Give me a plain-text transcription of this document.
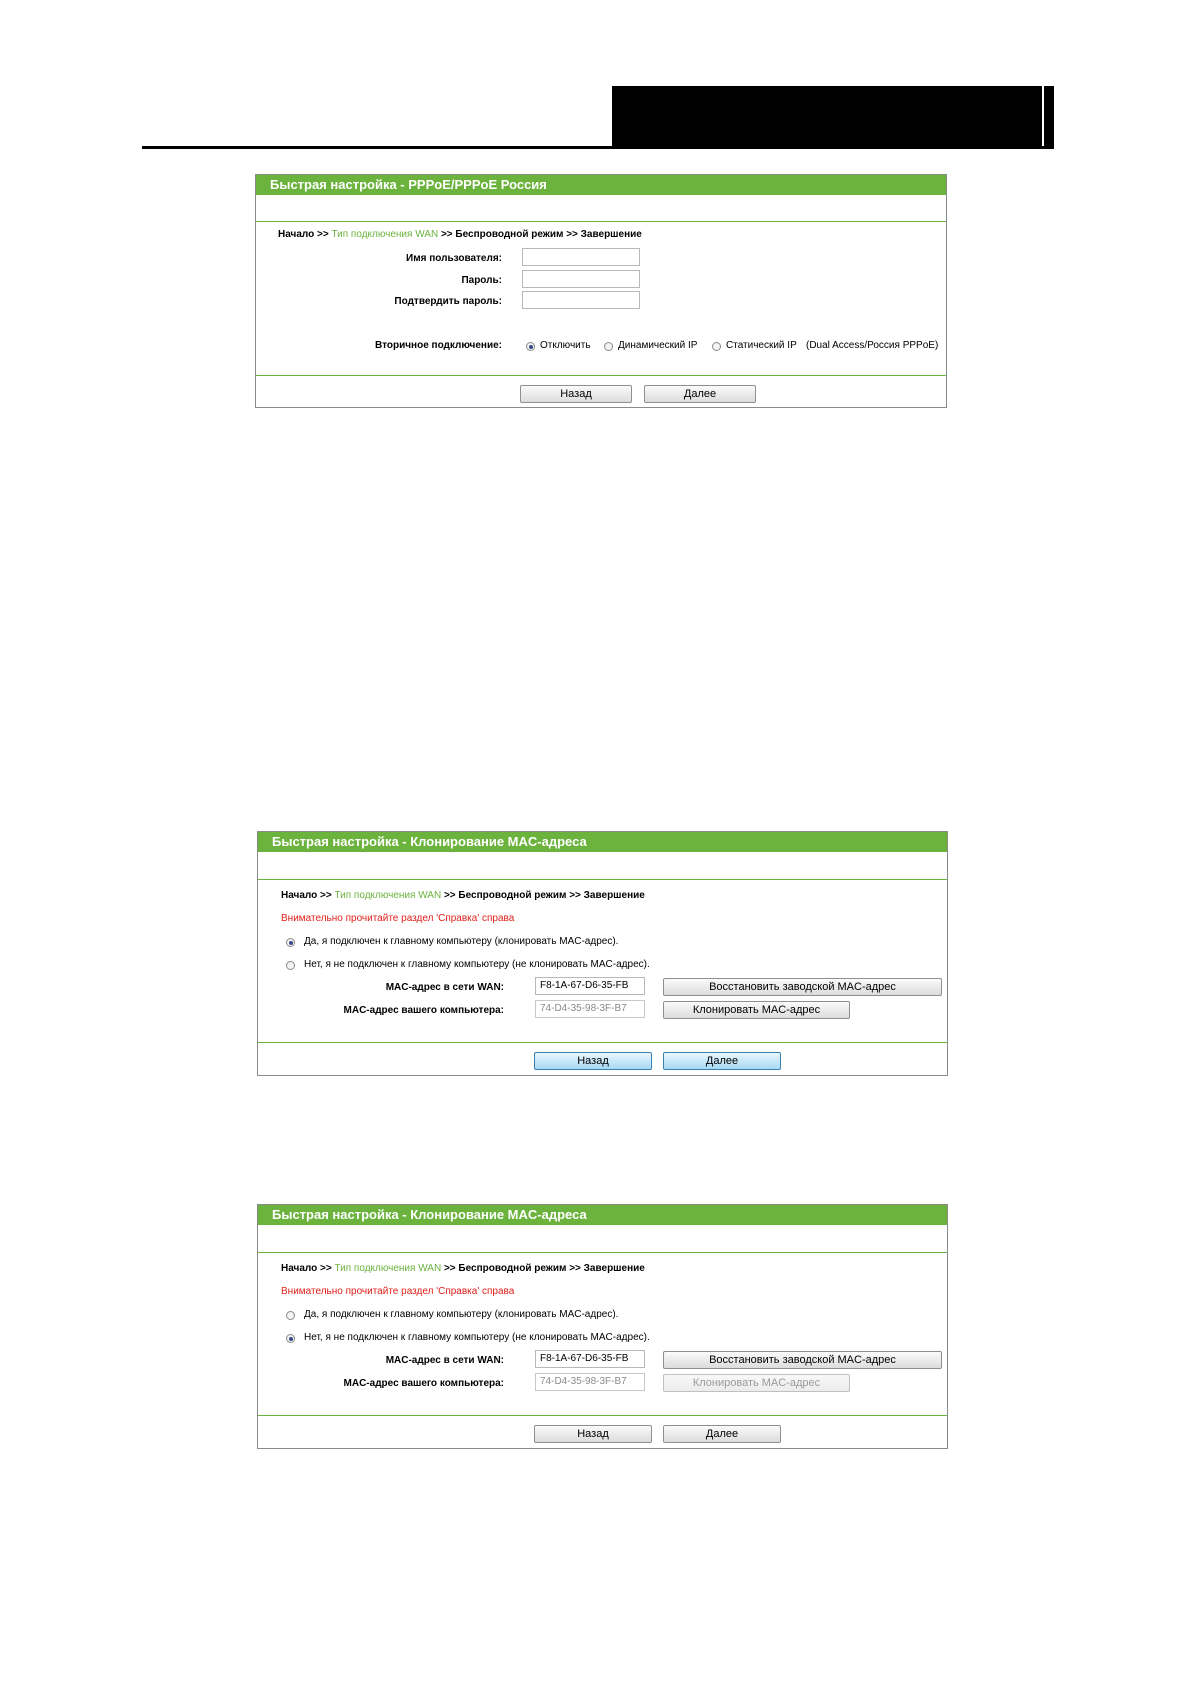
Быстрая настройка - PPPoE/PPPoE Россия
Начало >> Тип подключения WAN >> Беспроводной режим >> Завершение
Имя пользователя:
Пароль:
Подтвердить пароль:
Вторичное подключение:	Отключить	Динамический IP	Статический IP (Dual Access/Россия PPPoE)
Назад	Далее
Быстрая настройка - Клонирование MAC-адреса
Начало >> Тип подключения WAN >> Беспроводной режим >> Завершение
Внимательно прочитайте раздел 'Справка' справа
Да, я подключен к главному компьютеру (клонировать MAC-адрес).
Нет, я не подключен к главному компьютеру (не клонировать MAC-адрес).
MAC-адрес в сети WAN:	F8-1A-67-D6-35-FB	Восстановить заводской MAC-адрес
MAC-адрес вашего компьютера:	74-D4-35-98-3F-B7	Клонировать MAC-адрес
Назад	Далее
Быстрая настройка - Клонирование MAC-адреса
Начало >> Тип подключения WAN >> Беспроводной режим >> Завершение
Внимательно прочитайте раздел 'Справка' справа
Да, я подключен к главному компьютеру (клонировать MAC-адрес).
Нет, я не подключен к главному компьютеру (не клонировать MAC-адрес).
MAC-адрес в сети WAN:	F8-1A-67-D6-35-FB	Восстановить заводской MAC-адрес
MAC-адрес вашего компьютера:	74-D4-35-98-3F-B7	Клонировать MAC-адрес
Назад	Далее
